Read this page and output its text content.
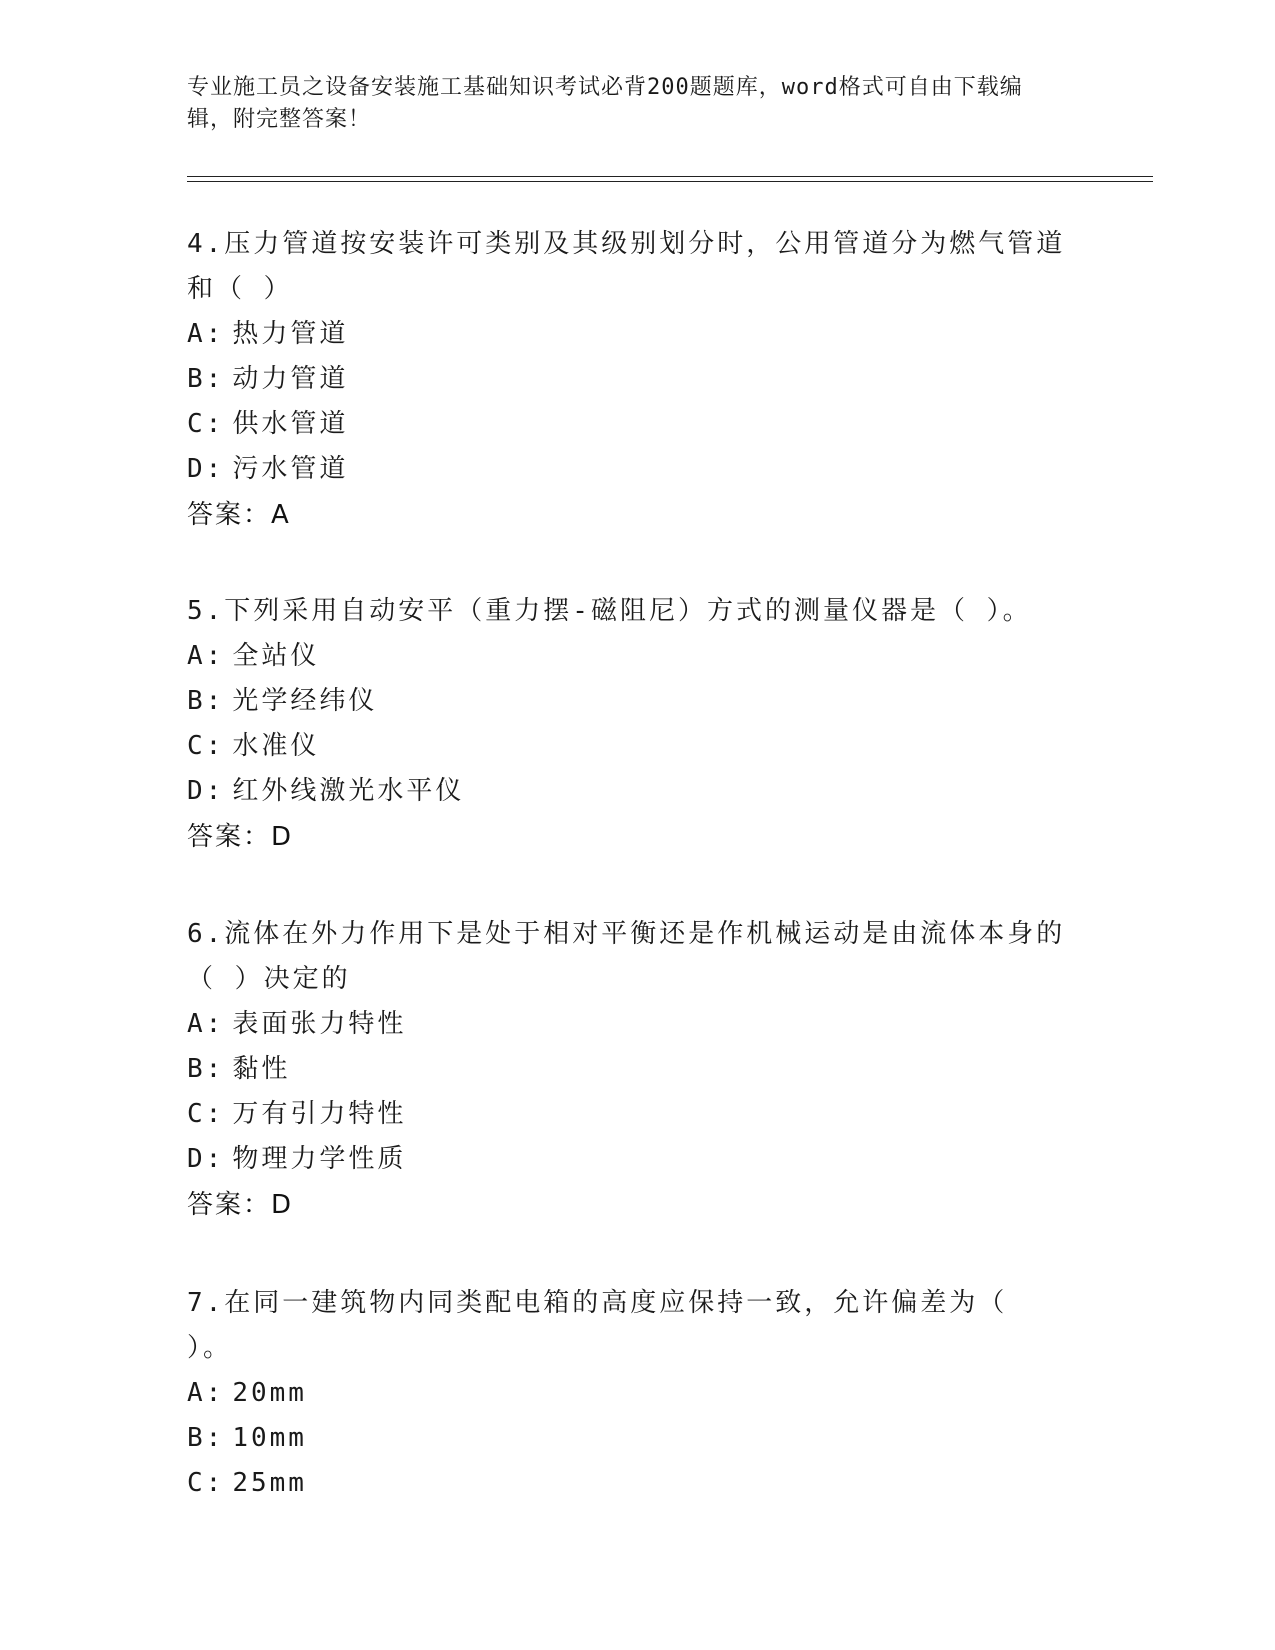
专业施工员之设备安装施工基础知识考试必背200题题库，word格式可自由下载编辑，附完整答案！

4.压力管道按安装许可类别及其级别划分时，公用管道分为燃气管道和（ ）

A: 热力管道
B: 动力管道
C: 供水管道
D: 污水管道
答案：A

5.下列采用自动安平（重力摆-磁阻尼）方式的测量仪器是（ ）。

A: 全站仪
B: 光学经纬仪
C: 水准仪
D: 红外线激光水平仪
答案：D

6.流体在外力作用下是处于相对平衡还是作机械运动是由流体本身的（ ）决定的

A: 表面张力特性
B: 黏性
C: 万有引力特性
D: 物理力学性质
答案：D

7.在同一建筑物内同类配电箱的高度应保持一致，允许偏差为（ ）。

A: 20mm
B: 10mm
C: 25mm
